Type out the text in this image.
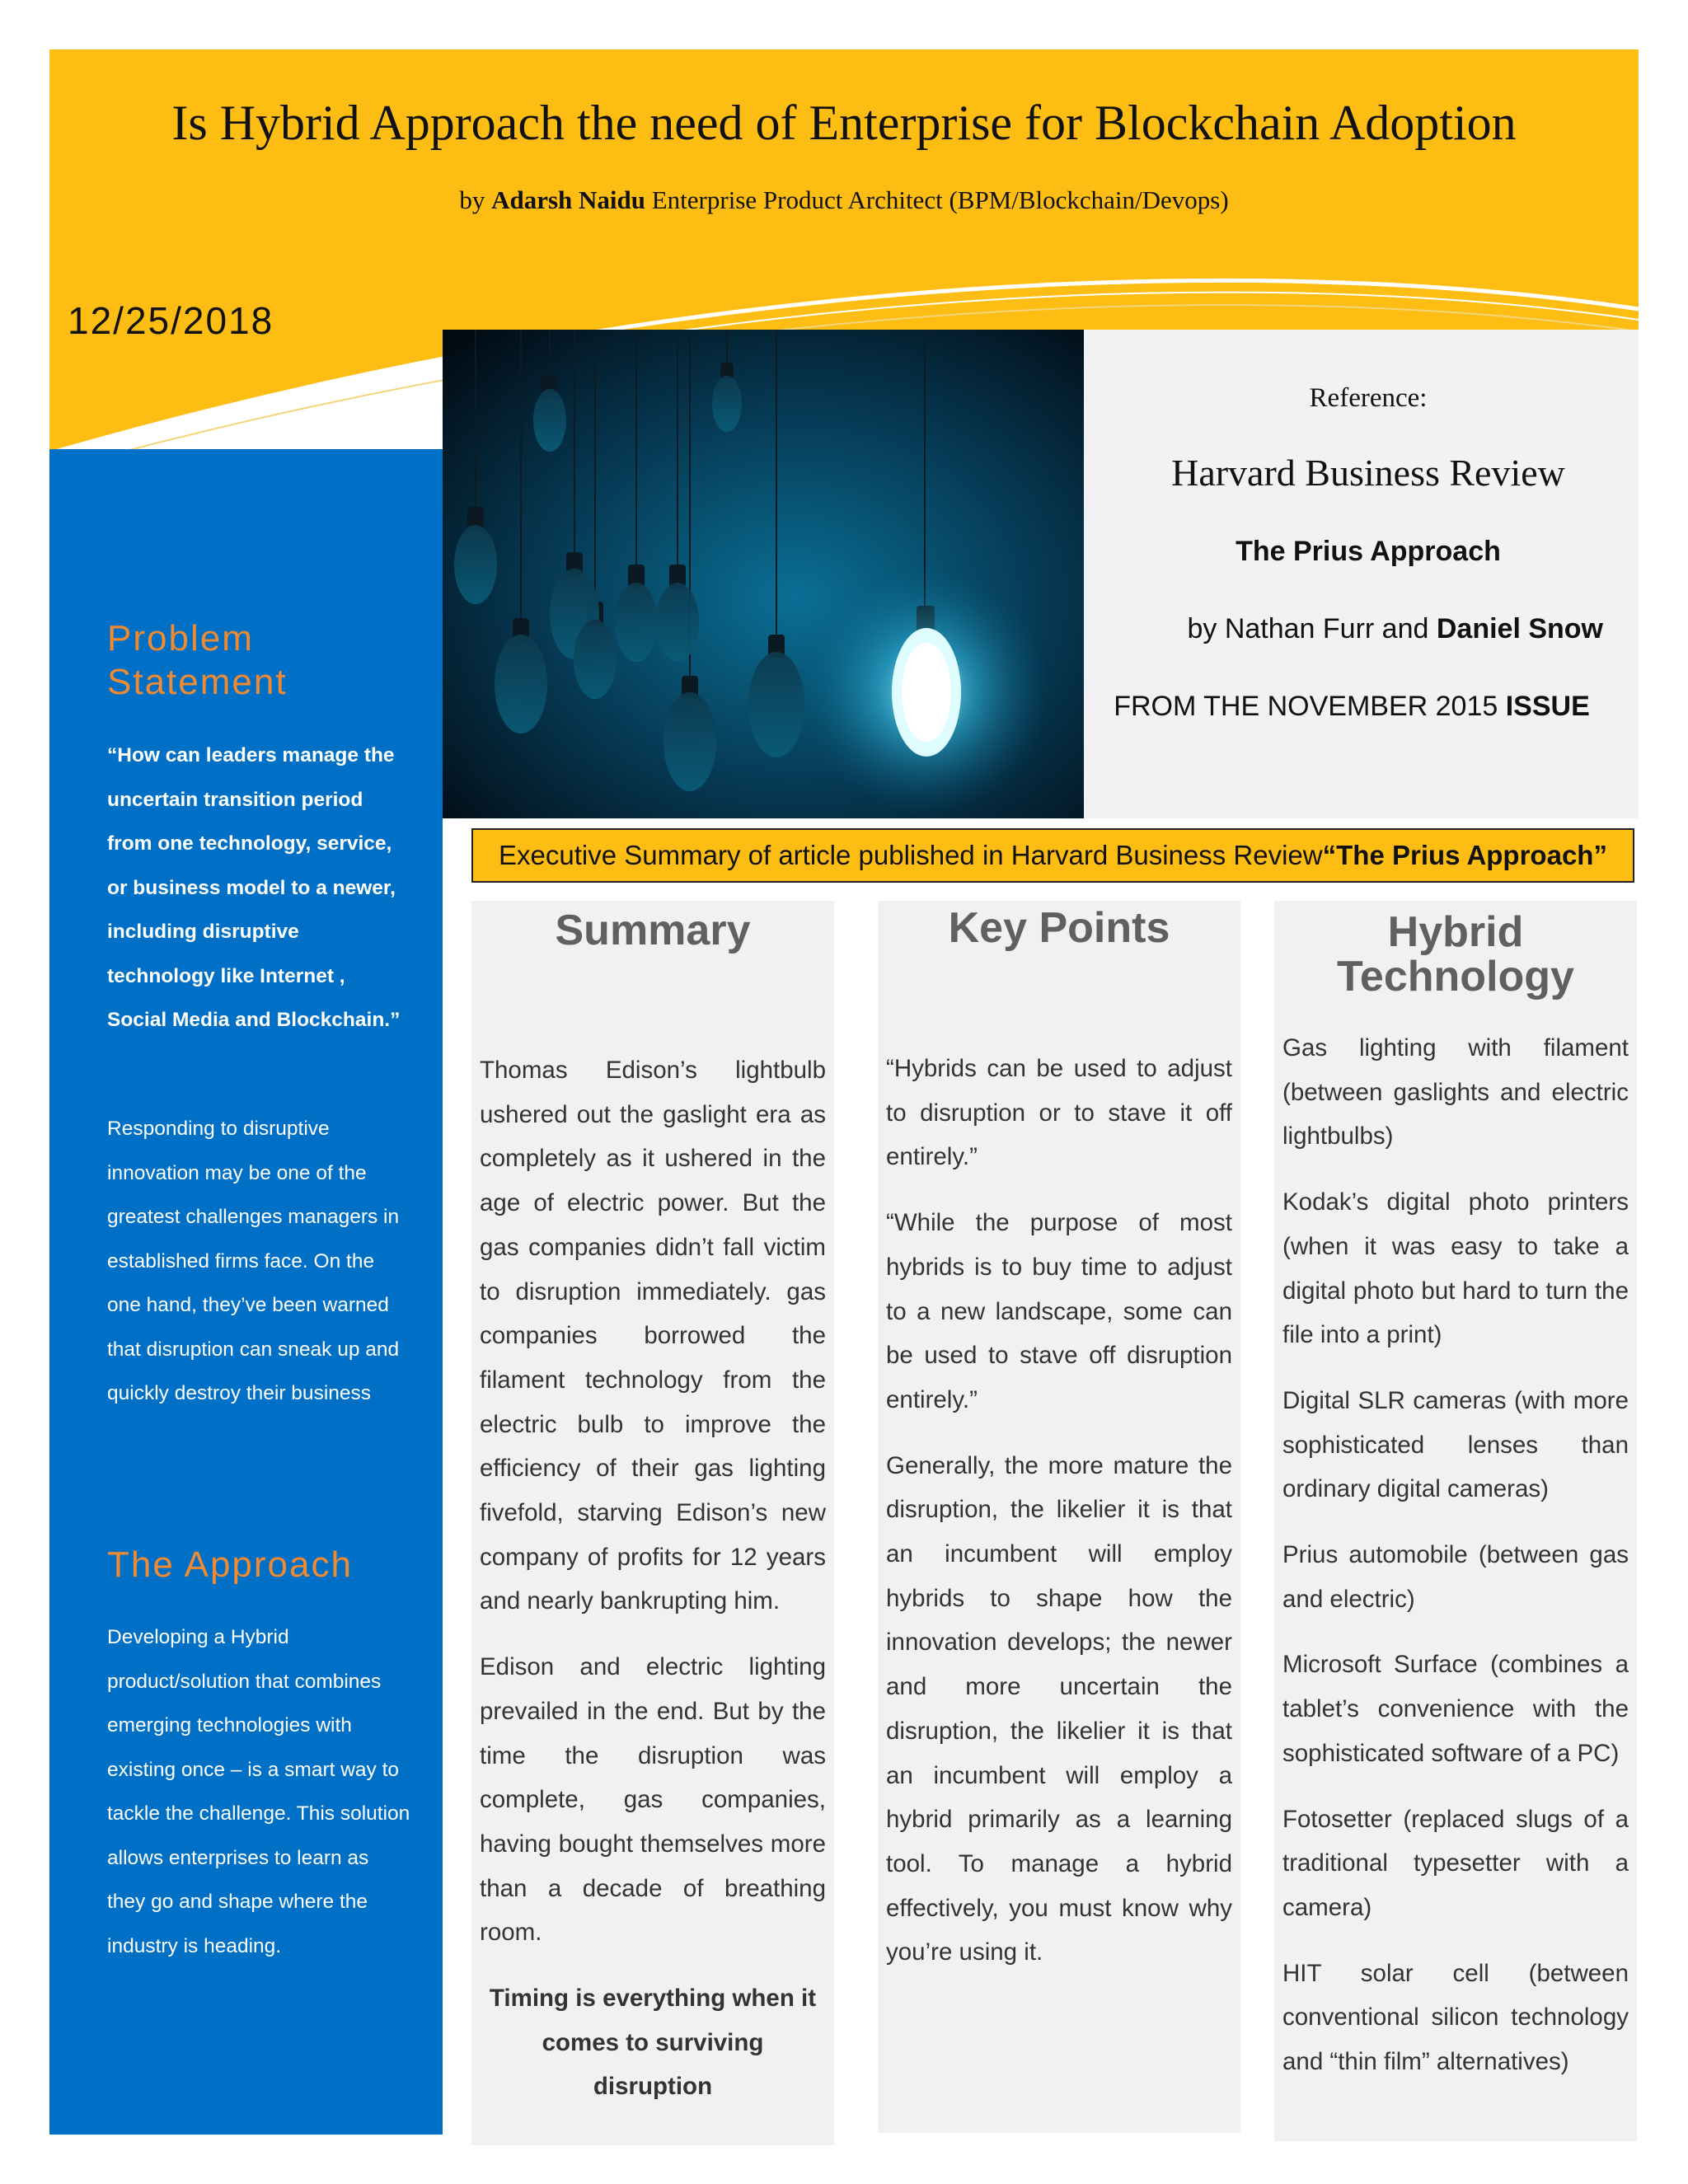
Is Hybrid Approach the need of Enterprise for Blockchain Adoption
by Adarsh Naidu Enterprise Product Architect (BPM/Blockchain/Devops)
12/25/2018
Problem
Statement
“How can leaders manage the uncertain transition period from one technology, service, or business model to a newer, including disruptive technology like Internet , Social Media and Blockchain.”
Responding to disruptive innovation may be one of the greatest challenges managers in established firms face. On the one hand, they’ve been warned that disruption can sneak up and quickly destroy their business
The Approach
Developing a Hybrid product/solution that combines emerging technologies with existing once – is a smart way to tackle the challenge. This solution allows enterprises to learn as they go and shape where the industry is heading.
Reference:
Harvard Business Review
The Prius Approach
by Nathan Furr and Daniel Snow
FROM THE NOVEMBER 2015 ISSUE
Executive Summary of article published in Harvard Business Review “The Prius Approach”
Summary

Thomas Edison’s lightbulb ushered out the gaslight era as completely as it ushered in the age of electric power. But the gas companies didn’t fall victim to disruption immediately. gas companies borrowed the filament technology from the electric bulb to improve the efficiency of their gas lighting fivefold, starving Edison’s new company of profits for 12 years and nearly bankrupting him.

Edison and electric lighting prevailed in the end. But by the time the disruption was complete, gas companies, having bought themselves more than a decade of breathing room.

Timing is everything when it comes to surviving disruption

Key Points

“Hybrids can be used to adjust to disruption or to stave it off entirely.”

“While the purpose of most hybrids is to buy time to adjust to a new landscape, some can be used to stave off disruption entirely.”

Generally, the more mature the disruption, the likelier it is that an incumbent will employ hybrids to shape how the innovation develops; the newer and more uncertain the disruption, the likelier it is that an incumbent will employ a hybrid primarily as a learning tool. To manage a hybrid effectively, you must know why you’re using it.

Hybrid
Technology

Gas lighting with filament (between gaslights and electric lightbulbs)

Kodak’s digital photo printers (when it was easy to take a digital photo but hard to turn the file into a print)

Digital SLR cameras (with more sophisticated lenses than ordinary digital cameras)

Prius automobile (between gas and electric)

Microsoft Surface (combines a tablet’s convenience with the sophisticated software of a PC)

Fotosetter (replaced slugs of a traditional typesetter with a camera)

HIT solar cell (between conventional silicon technology and “thin film” alternatives)
